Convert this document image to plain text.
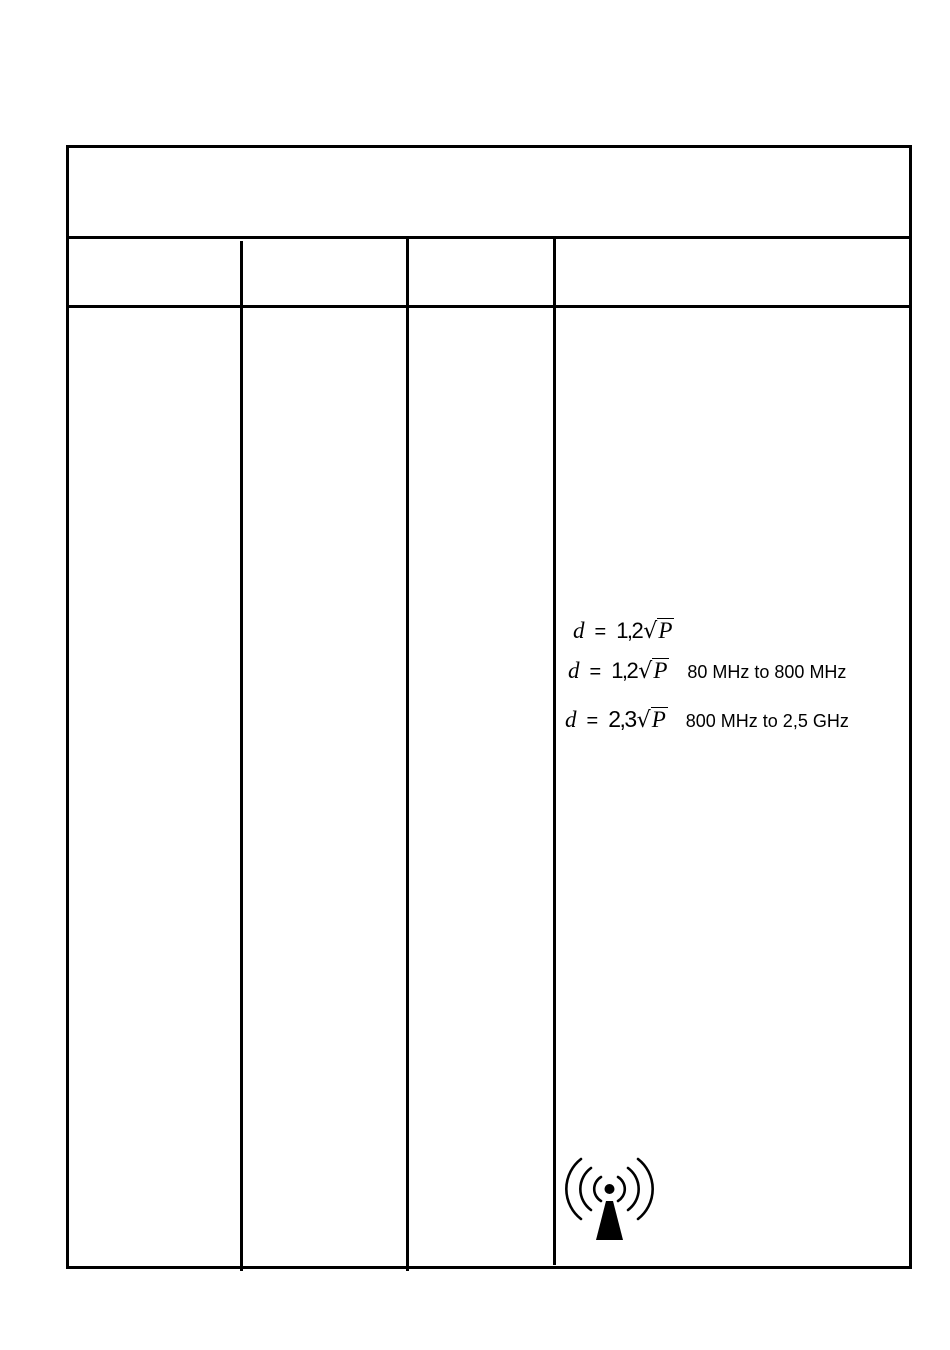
d = 1,2 √ P
d = 1,2 √ P 80 MHz to 800 MHz
d = 2,3 √ P 800 MHz to 2,5 GHz
